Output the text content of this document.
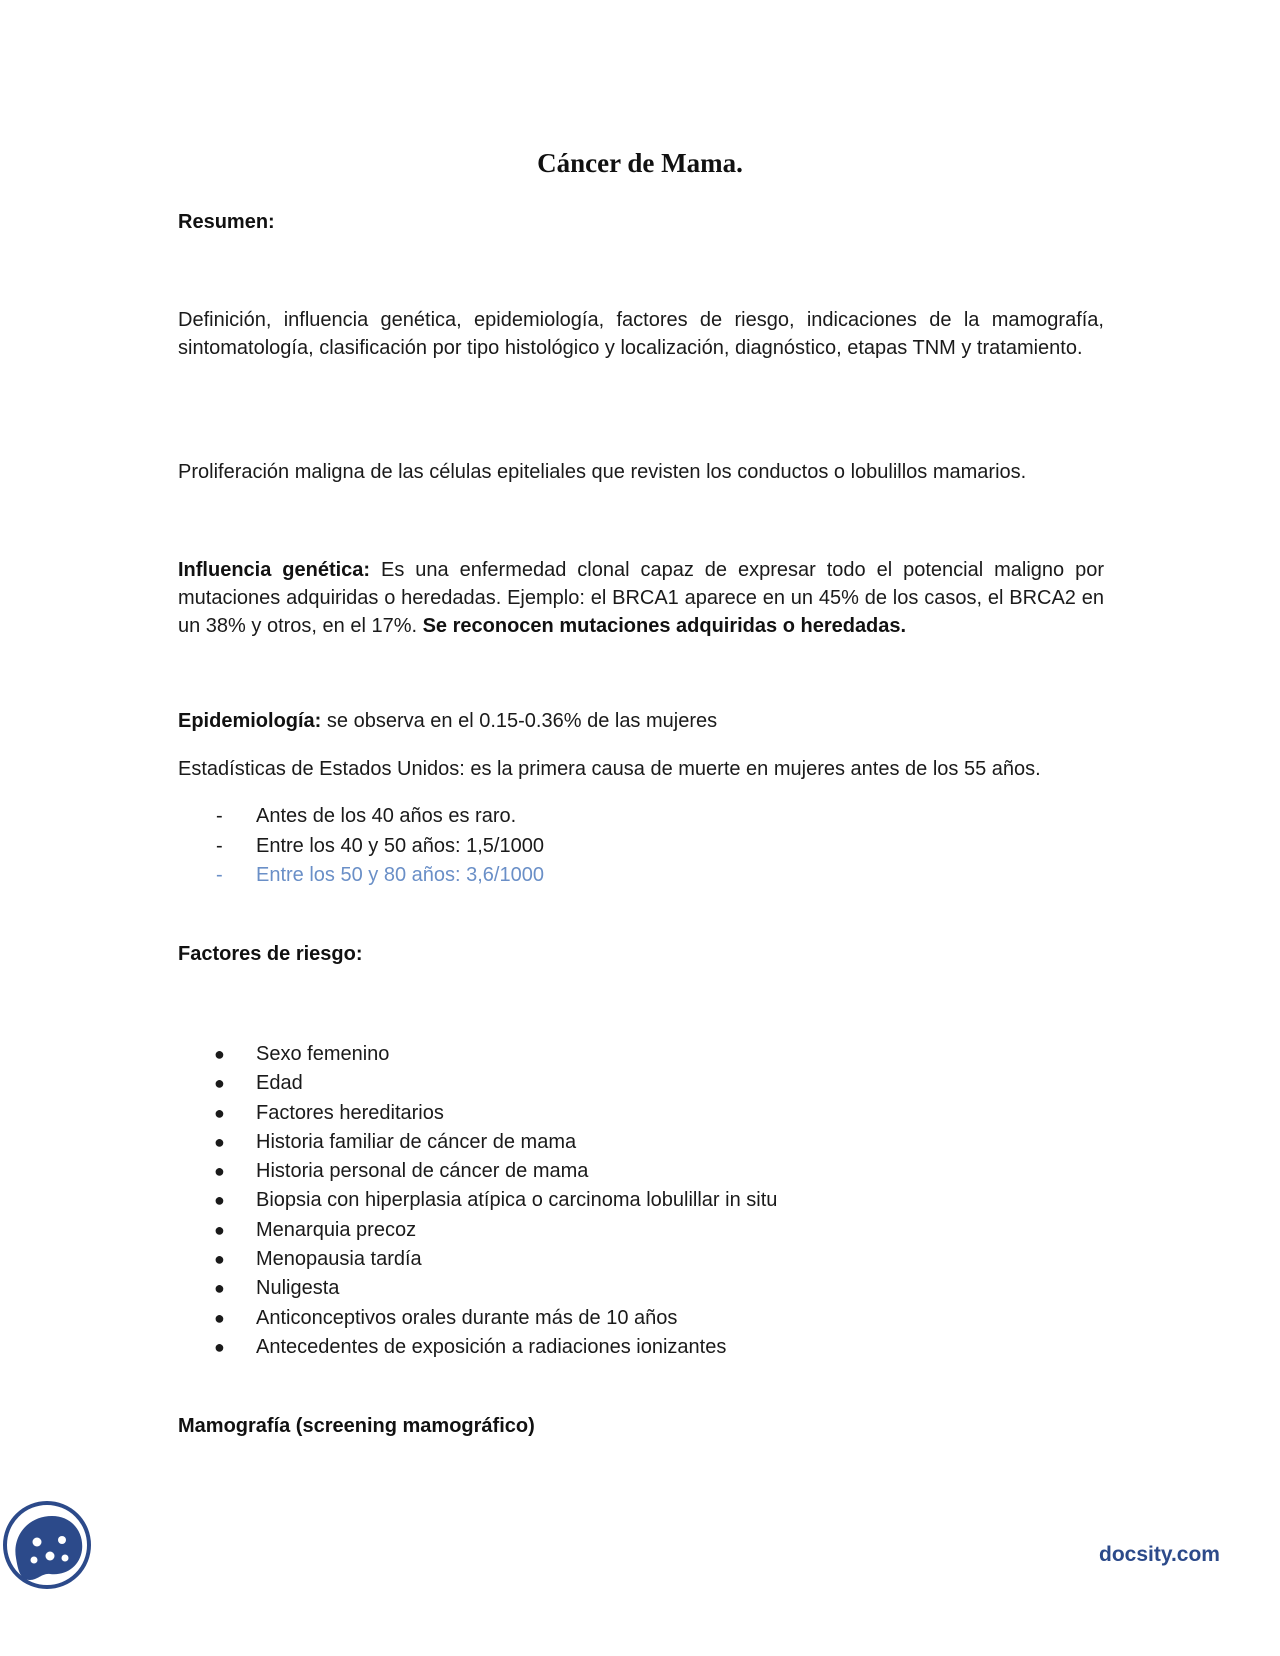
Cáncer de Mama.
Resumen:
Definición, influencia genética, epidemiología, factores de riesgo, indicaciones de la mamografía, sintomatología, clasificación por tipo histológico y localización, diagnóstico, etapas TNM y tratamiento.
Proliferación maligna de las células epiteliales que revisten los conductos o lobulillos mamarios.
Influencia genética: Es una enfermedad clonal capaz de expresar todo el potencial maligno por mutaciones adquiridas o heredadas. Ejemplo: el BRCA1 aparece en un 45% de los casos, el BRCA2 en un 38% y otros, en el 17%. Se reconocen mutaciones adquiridas o heredadas.
Epidemiología: se observa en el 0.15-0.36% de las mujeres
Estadísticas de Estados Unidos: es la primera causa de muerte en mujeres antes de los 55 años.
- Antes de los 40 años es raro.
- Entre los 40 y 50 años: 1,5/1000
- Entre los 50 y 80 años: 3,6/1000
Factores de riesgo:
● Sexo femenino
● Edad
● Factores hereditarios
● Historia familiar de cáncer de mama
● Historia personal de cáncer de mama
● Biopsia con hiperplasia atípica o carcinoma lobulillar in situ
● Menarquia precoz
● Menopausia tardía
● Nuligesta
● Anticonceptivos orales durante más de 10 años
● Antecedentes de exposición a radiaciones ionizantes
Mamografía (screening mamográfico)
docsity.com
